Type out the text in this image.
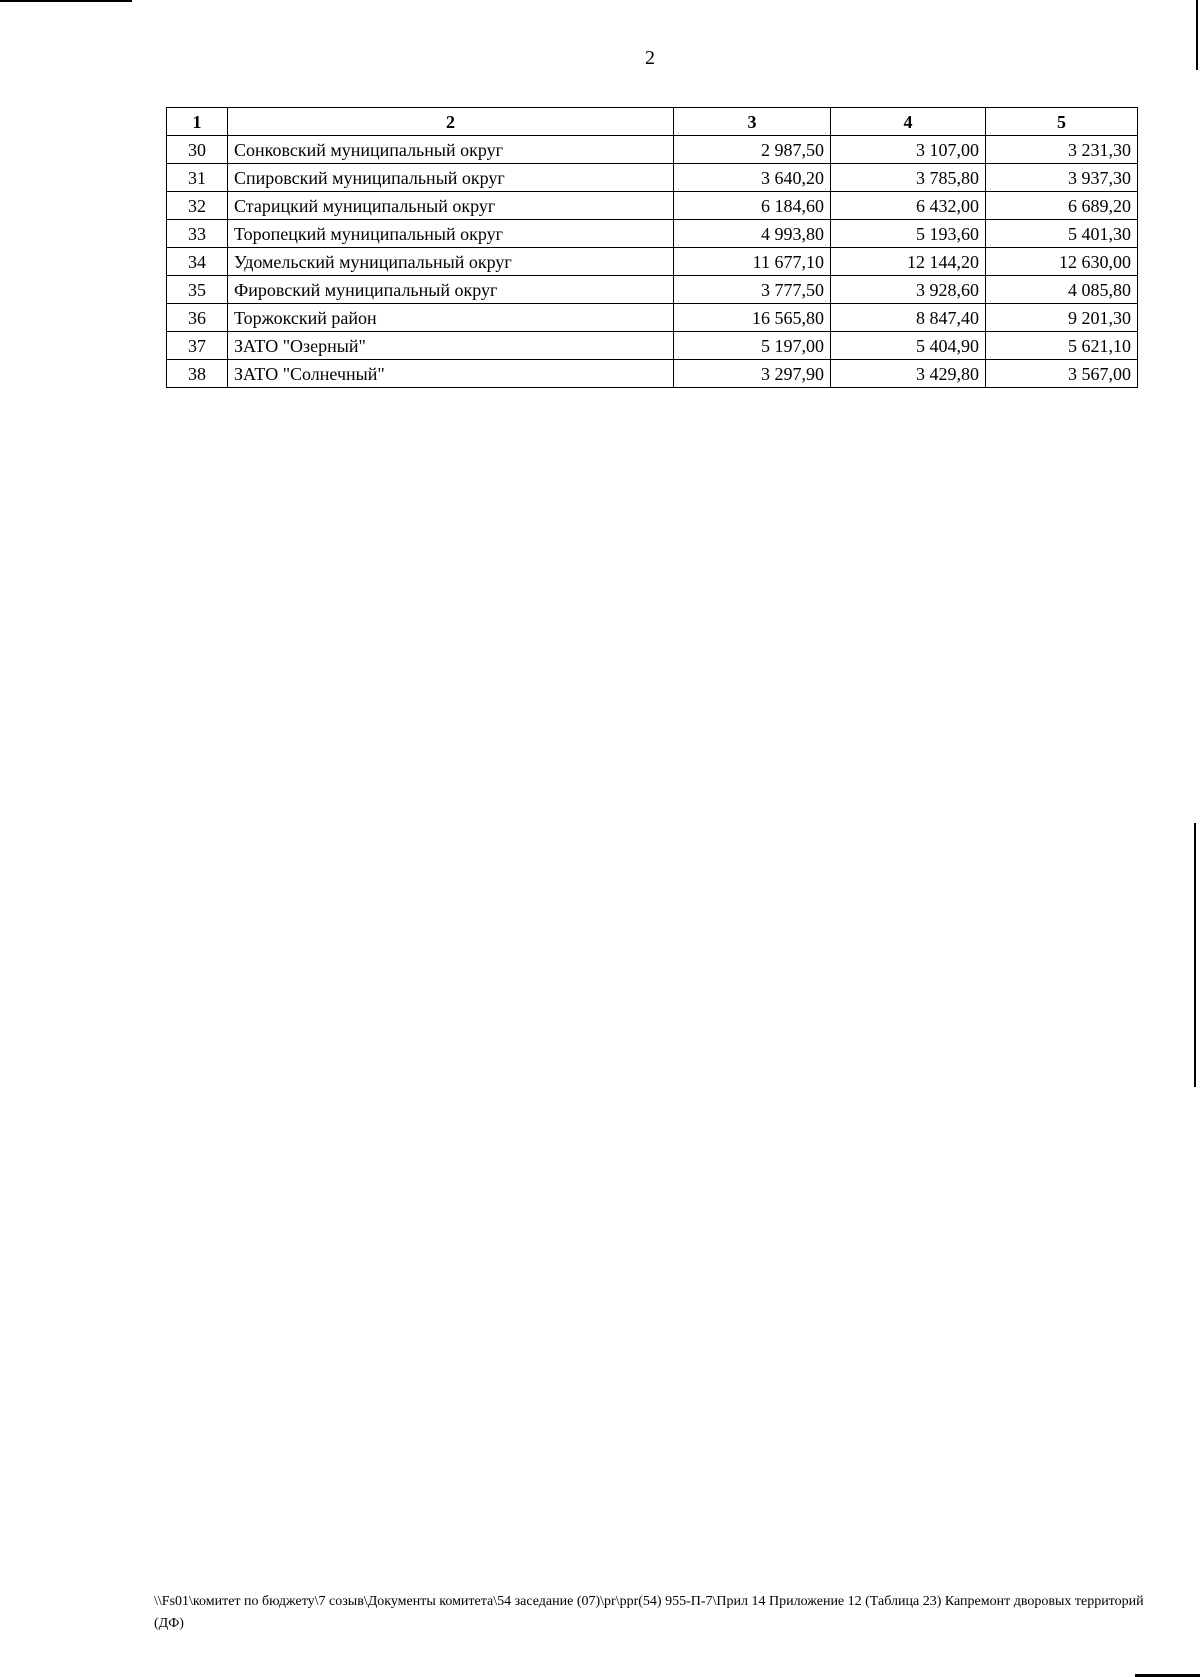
2
1	2	3	4	5
30	Сонковский муниципальный округ	2 987,50	3 107,00	3 231,30
31	Спировский муниципальный округ	3 640,20	3 785,80	3 937,30
32	Старицкий муниципальный округ	6 184,60	6 432,00	6 689,20
33	Торопецкий муниципальный округ	4 993,80	5 193,60	5 401,30
34	Удомельский муниципальный округ	11 677,10	12 144,20	12 630,00
35	Фировский муниципальный округ	3 777,50	3 928,60	4 085,80
36	Торжокский район	16 565,80	8 847,40	9 201,30
37	ЗАТО "Озерный"	5 197,00	5 404,90	5 621,10
38	ЗАТО "Солнечный"	3 297,90	3 429,80	3 567,00
\\Fs01\комитет по бюджету\7 созыв\Документы комитета\54 заседание (07)\pr\ppr(54) 955-П-7\Прил 14 Приложение 12 (Таблица 23) Капремонт дворовых территорий (ДФ)
